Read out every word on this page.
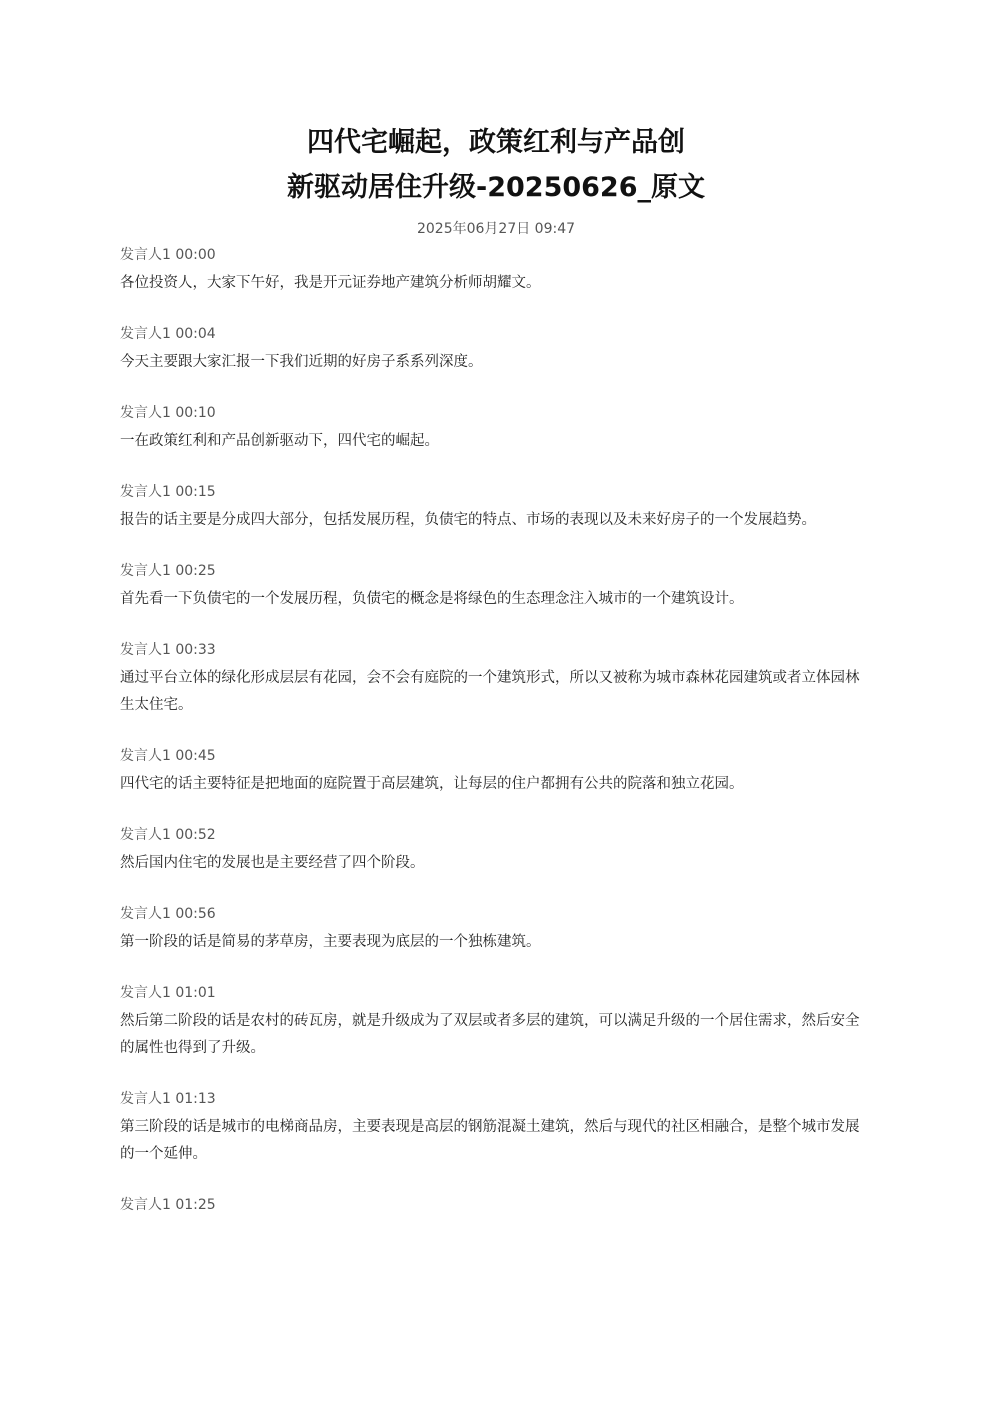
四代宅崛起，政策红利与产品创
新驱动居住升级-20250626_原文
2025年06月27日 09:47
发言人1 00:00

各位投资人，大家下午好，我是开元证券地产建筑分析师胡耀文。

发言人1 00:04

今天主要跟大家汇报一下我们近期的好房子系系列深度。

发言人1 00:10

一在政策红利和产品创新驱动下，四代宅的崛起。

发言人1 00:15

报告的话主要是分成四大部分，包括发展历程，负债宅的特点、市场的表现以及未来好房子的一个发展趋势。

发言人1 00:25

首先看一下负债宅的一个发展历程，负债宅的概念是将绿色的生态理念注入城市的一个建筑设计。

发言人1 00:33

通过平台立体的绿化形成层层有花园，会不会有庭院的一个建筑形式，所以又被称为城市森林花园建筑或者立体园林生太住宅。

发言人1 00:45

四代宅的话主要特征是把地面的庭院置于高层建筑，让每层的住户都拥有公共的院落和独立花园。

发言人1 00:52

然后国内住宅的发展也是主要经营了四个阶段。

发言人1 00:56

第一阶段的话是简易的茅草房，主要表现为底层的一个独栋建筑。

发言人1 01:01

然后第二阶段的话是农村的砖瓦房，就是升级成为了双层或者多层的建筑，可以满足升级的一个居住需求，然后安全的属性也得到了升级。

发言人1 01:13

第三阶段的话是城市的电梯商品房，主要表现是高层的钢筋混凝土建筑，然后与现代的社区相融合，是整个城市发展的一个延伸。

发言人1 01:25
